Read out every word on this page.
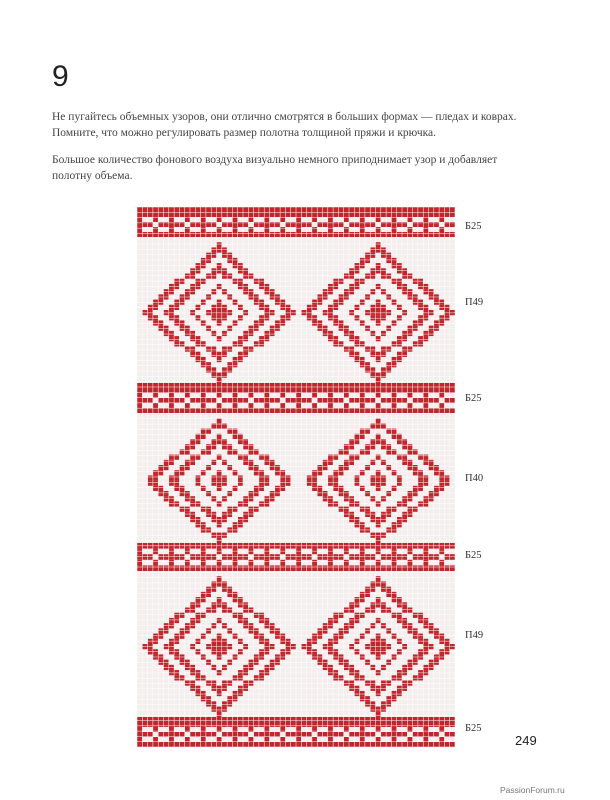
9

Не пугайтесь объемных узоров, они отлично смотрятся в больших формах — пледах и коврах. Помните, что можно регулировать размер полотна толщиной пряжи и крючка.

Большое количество фонового воздуха визуально немного приподнимает узор и добавляет полотну объема.

Б25
П49
Б25
П40
Б25
П49
Б25
249
PassionForum.ru
